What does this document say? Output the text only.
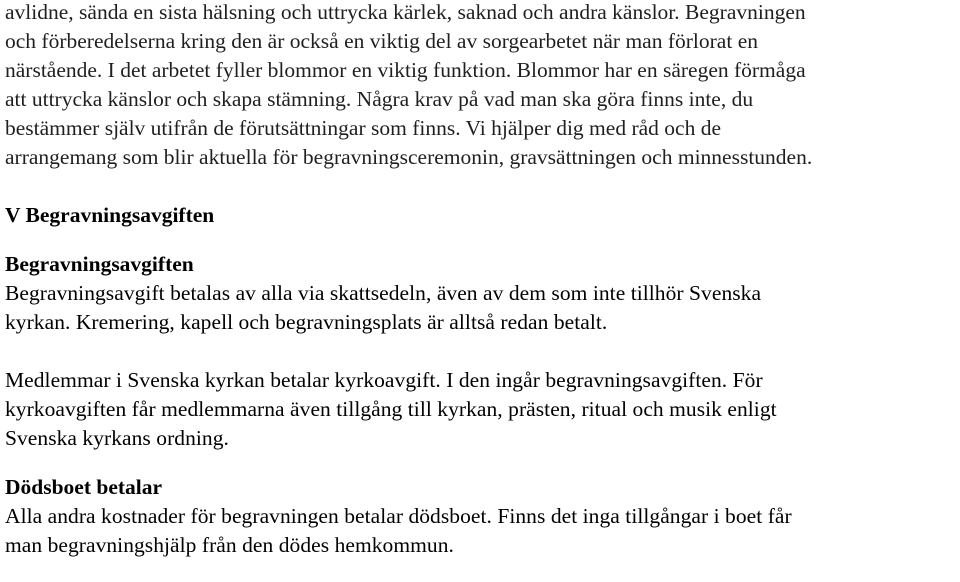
avlidne, sända en sista hälsning och uttrycka kärlek, saknad och andra känslor. Begravningen
och förberedelserna kring den är också en viktig del av sorgearbetet när man förlorat en
närstående. I det arbetet fyller blommor en viktig funktion. Blommor har en säregen förmåga
att uttrycka känslor och skapa stämning. Några krav på vad man ska göra finns inte, du
bestämmer själv utifrån de förutsättningar som finns. Vi hjälper dig med råd och de
arrangemang som blir aktuella för begravningsceremonin, gravsättningen och minnesstunden.
V Begravningsavgiften
Begravningsavgiften

Begravningsavgift betalas av alla via skattsedeln, även av dem som inte tillhör Svenska
kyrkan. Kremering, kapell och begravningsplats är alltså redan betalt.

Medlemmar i Svenska kyrkan betalar kyrkoavgift. I den ingår begravningsavgiften. För
kyrkoavgiften får medlemmarna även tillgång till kyrkan, prästen, ritual och musik enligt
Svenska kyrkans ordning.

Dödsboet betalar

Alla andra kostnader för begravningen betalar dödsboet. Finns det inga tillgångar i boet får
man begravningshjälp från den dödes hemkommun.
